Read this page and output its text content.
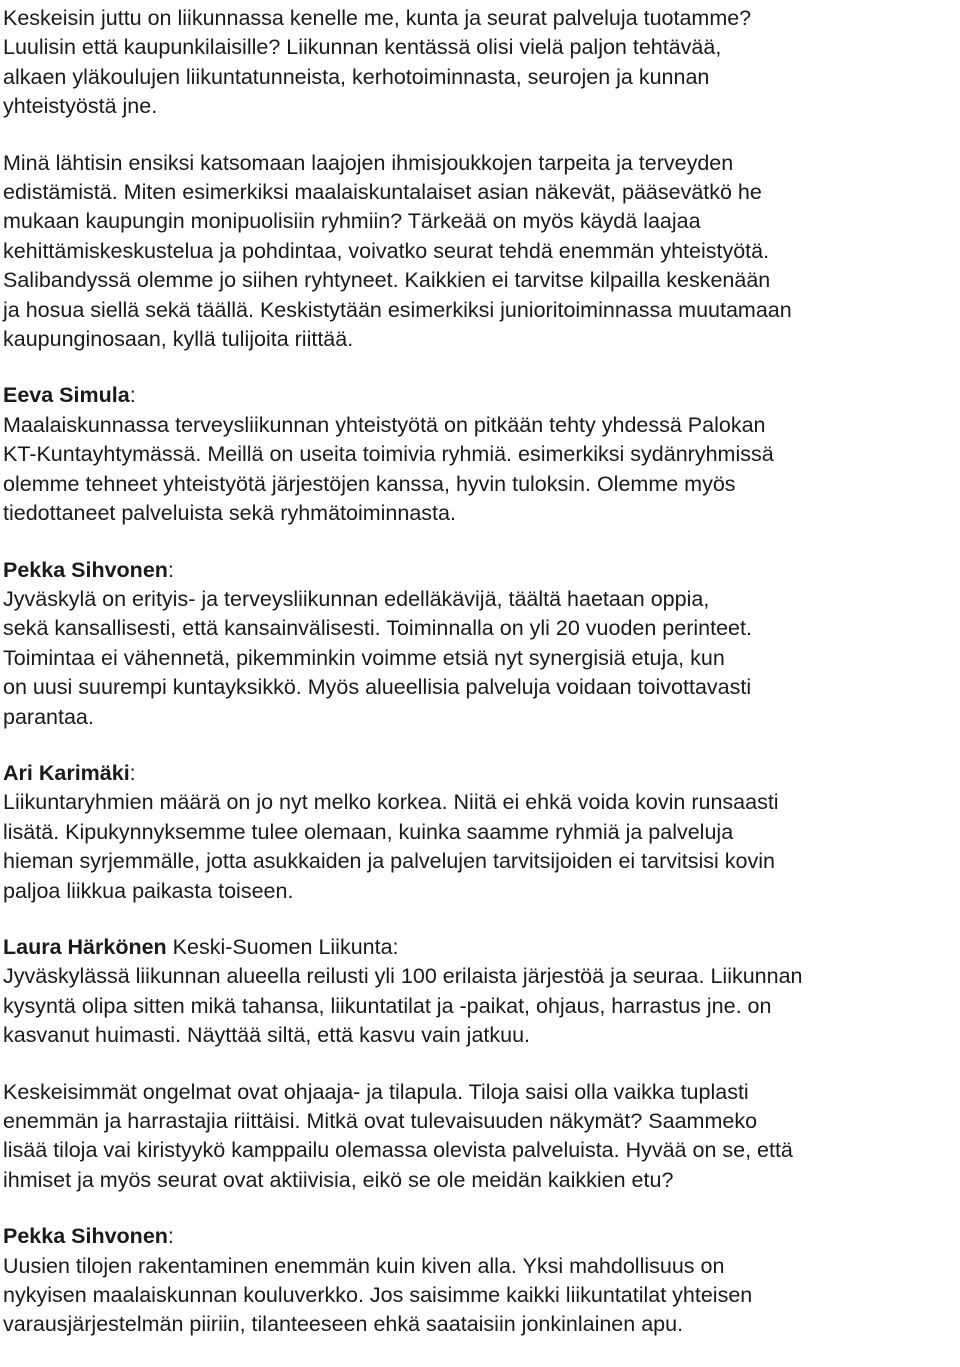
Keskeisin juttu on liikunnassa kenelle me, kunta ja seurat palveluja tuotamme?
Luulisin että kaupunkilaisille? Liikunnan kentässä olisi vielä paljon tehtävää,
alkaen yläkoulujen liikuntatunneista, kerhotoiminnasta, seurojen ja kunnan
yhteistyöstä jne.
Minä lähtisin ensiksi katsomaan laajojen ihmisjoukkojen tarpeita ja terveyden
edistämistä. Miten esimerkiksi maalaiskuntalaiset asian näkevät, pääsevätkö he
mukaan kaupungin monipuolisiin ryhmiin? Tärkeää on myös käydä laajaa
kehittämiskeskustelua ja pohdintaa, voivatko seurat tehdä enemmän yhteistyötä.
Salibandyssä olemme jo siihen ryhtyneet. Kaikkien ei tarvitse kilpailla keskenään
ja hosua siellä sekä täällä. Keskistytään esimerkiksi junioritoiminnassa muutamaan
kaupunginosaan, kyllä tulijoita riittää.
Eeva Simula:
Maalaiskunnassa terveysliikunnan yhteistyötä on pitkään tehty yhdessä Palokan
KT-Kuntayhtymässä. Meillä on useita toimivia ryhmiä. esimerkiksi sydänryhmissä
olemme tehneet yhteistyötä järjestöjen kanssa, hyvin tuloksin. Olemme myös
tiedottaneet palveluista sekä ryhmätoiminnasta.
Pekka Sihvonen:
Jyväskylä on erityis- ja terveysliikunnan edelläkävijä, täältä haetaan oppia,
sekä kansallisesti, että kansainvälisesti. Toiminnalla on yli 20 vuoden perinteet.
Toimintaa ei vähennetä, pikemminkin voimme etsiä nyt synergisiä etuja, kun
on uusi suurempi kuntayksikkö. Myös alueellisia palveluja voidaan toivottavasti
parantaa.
Ari Karimäki:
Liikuntaryhmien määrä on jo nyt melko korkea. Niitä ei ehkä voida kovin runsaasti
lisätä. Kipukynnyksemme tulee olemaan, kuinka saamme ryhmiä ja palveluja
hieman syrjemmälle, jotta asukkaiden ja palvelujen tarvitsijoiden ei tarvitsisi kovin
paljoa liikkua paikasta toiseen.
Laura Härkönen Keski-Suomen Liikunta:
Jyväskylässä liikunnan alueella reilusti yli 100 erilaista järjestöä ja seuraa. Liikunnan
kysyntä olipa sitten mikä tahansa, liikuntatilat ja -paikat, ohjaus, harrastus jne. on
kasvanut huimasti. Näyttää siltä, että kasvu vain jatkuu.
Keskeisimmät ongelmat ovat ohjaaja- ja tilapula. Tiloja saisi olla vaikka tuplasti
enemmän ja harrastajia riittäisi. Mitkä ovat tulevaisuuden näkymät? Saammeko
lisää tiloja vai kiristyykö kamppailu olemassa olevista palveluista. Hyvää on se, että
ihmiset ja myös seurat ovat aktiivisia, eikö se ole meidän kaikkien etu?
Pekka Sihvonen:
Uusien tilojen rakentaminen enemmän kuin kiven alla. Yksi mahdollisuus on
nykyisen maalaiskunnan kouluverkko. Jos saisimme kaikki liikuntatilat yhteisen
varausjärjestelmän piiriin, tilanteeseen ehkä saataisiin jonkinlainen apu.
